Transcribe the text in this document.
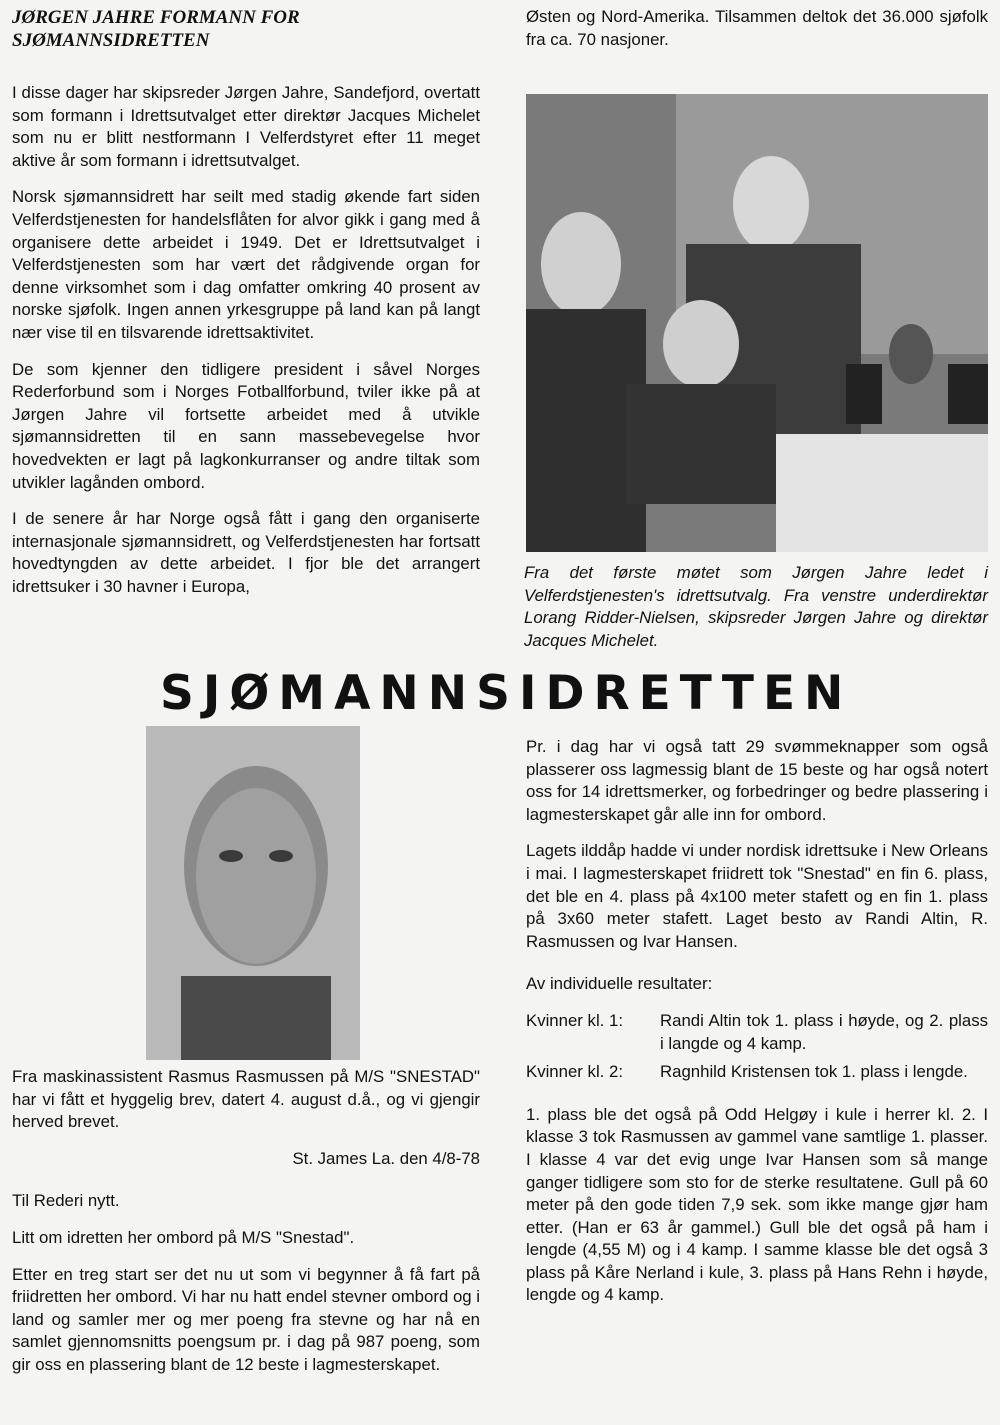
JØRGEN JAHRE FORMANN FOR SJØMANNSIDRETTEN

I disse dager har skipsreder Jørgen Jahre, Sandefjord, overtatt som formann i Idrettsutvalget etter direktør Jacques Michelet som nu er blitt nestformann I Velferdstyret efter 11 meget aktive år som formann i idrettsutvalget.

Norsk sjømannsidrett har seilt med stadig økende fart siden Velferdstjenesten for handelsflåten for alvor gikk i gang med å organisere dette arbeidet i 1949. Det er Idrettsutvalget i Velferdstjenesten som har vært det rådgivende organ for denne virksomhet som i dag omfatter omkring 40 prosent av norske sjøfolk. Ingen annen yrkesgruppe på land kan på langt nær vise til en tilsvarende idrettsaktivitet.

De som kjenner den tidligere president i såvel Norges Rederforbund som i Norges Fotballforbund, tviler ikke på at Jørgen Jahre vil fortsette arbeidet med å utvikle sjømannsidretten til en sann massebevegelse hvor hovedvekten er lagt på lagkonkurranser og andre tiltak som utvikler lagånden ombord.

I de senere år har Norge også fått i gang den organiserte internasjonale sjømannsidrett, og Velferdstjenesten har fortsatt hovedtyngden av dette arbeidet. I fjor ble det arrangert idrettsuker i 30 havner i Europa,

Østen og Nord-Amerika. Tilsammen deltok det 36.000 sjøfolk fra ca. 70 nasjoner.

Fra det første møtet som Jørgen Jahre ledet i Velferdstjenesten's idrettsutvalg. Fra venstre underdirektør Lorang Ridder-Nielsen, skipsreder Jørgen Jahre og direktør Jacques Michelet.
SJØMANNSIDRETTEN

Fra maskinassistent Rasmus Rasmussen på M/S "SNESTAD" har vi fått et hyggelig brev, datert 4. august d.å., og vi gjengir herved brevet.

St. James La. den 4/8-78

Til Rederi nytt.

Litt om idretten her ombord på M/S "Snestad".

Etter en treg start ser det nu ut som vi begynner å få fart på friidretten her ombord. Vi har nu hatt endel stevner ombord og i land og samler mer og mer poeng fra stevne og har nå en samlet gjennomsnitts poengsum pr. i dag på 987 poeng, som gir oss en plassering blant de 12 beste i lagmesterskapet.

Pr. i dag har vi også tatt 29 svømmeknapper som også plasserer oss lagmessig blant de 15 beste og har også notert oss for 14 idrettsmerker, og forbedringer og bedre plassering i lagmesterskapet går alle inn for ombord.

Lagets ilddåp hadde vi under nordisk idrettsuke i New Orleans i mai. I lagmesterskapet friidrett tok "Snestad" en fin 6. plass, det ble en 4. plass på 4x100 meter stafett og en fin 1. plass på 3x60 meter stafett. Laget besto av Randi Altin, R. Rasmussen og Ivar Hansen.

Av individuelle resultater:

Kvinner kl. 1:	Randi Altin tok 1. plass i høyde, og 2. plass i langde og 4 kamp.
Kvinner kl. 2:	Ragnhild Kristensen tok 1. plass i lengde.

1. plass ble det også på Odd Helgøy i kule i herrer kl. 2. I klasse 3 tok Rasmussen av gammel vane samtlige 1. plasser. I klasse 4 var det evig unge Ivar Hansen som så mange ganger tidligere som sto for de sterke resultatene. Gull på 60 meter på den gode tiden 7,9 sek. som ikke mange gjør ham etter. (Han er 63 år gammel.) Gull ble det også på ham i lengde (4,55 M) og i 4 kamp. I samme klasse ble det også 3 plass på Kåre Nerland i kule, 3. plass på Hans Rehn i høyde, lengde og 4 kamp.
